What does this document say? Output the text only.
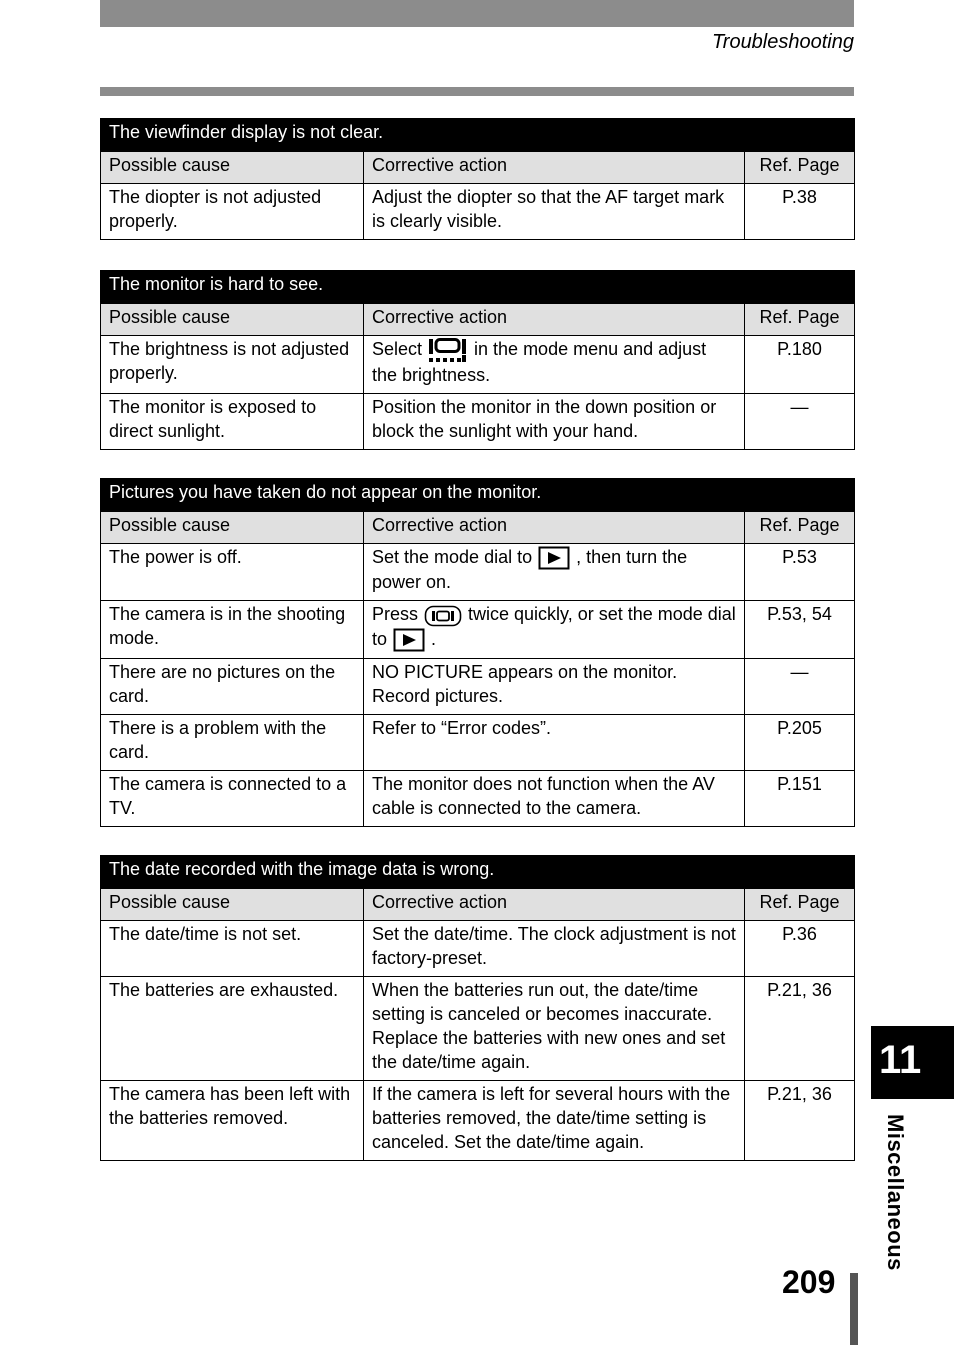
Troubleshooting
The viewfinder display is not clear.		
Possible cause	Corrective action	Ref. Page
The diopter is not adjusted properly.	Adjust the diopter so that the AF target mark is clearly visible.	P.38
The monitor is hard to see.		
Possible cause	Corrective action	Ref. Page
The brightness is not adjusted properly.	Select in the mode menu and adjust the brightness.	P.180
The monitor is exposed to direct sunlight.	Position the monitor in the down position or block the sunlight with your hand.	—
Pictures you have taken do not appear on the monitor.		
Possible cause	Corrective action	Ref. Page
The power is off.	Set the mode dial to , then turn the power on.	P.53
The camera is in the shooting mode.	Press twice quickly, or set the mode dial to .	P.53, 54
There are no pictures on the card.	NO PICTURE appears on the monitor. Record pictures.	—
There is a problem with the card.	Refer to “Error codes”.	P.205
The camera is connected to a TV.	The monitor does not function when the AV cable is connected to the camera.	P.151
The date recorded with the image data is wrong.		
Possible cause	Corrective action	Ref. Page
The date/time is not set.	Set the date/time. The clock adjustment is not factory-preset.	P.36
The batteries are exhausted.	When the batteries run out, the date/time setting is canceled or becomes inaccurate. Replace the batteries with new ones and set the date/time again.	P.21, 36
The camera has been left with the batteries removed.	If the camera is left for several hours with the batteries removed, the date/time setting is canceled. Set the date/time again.	P.21, 36
11
Miscellaneous
209
